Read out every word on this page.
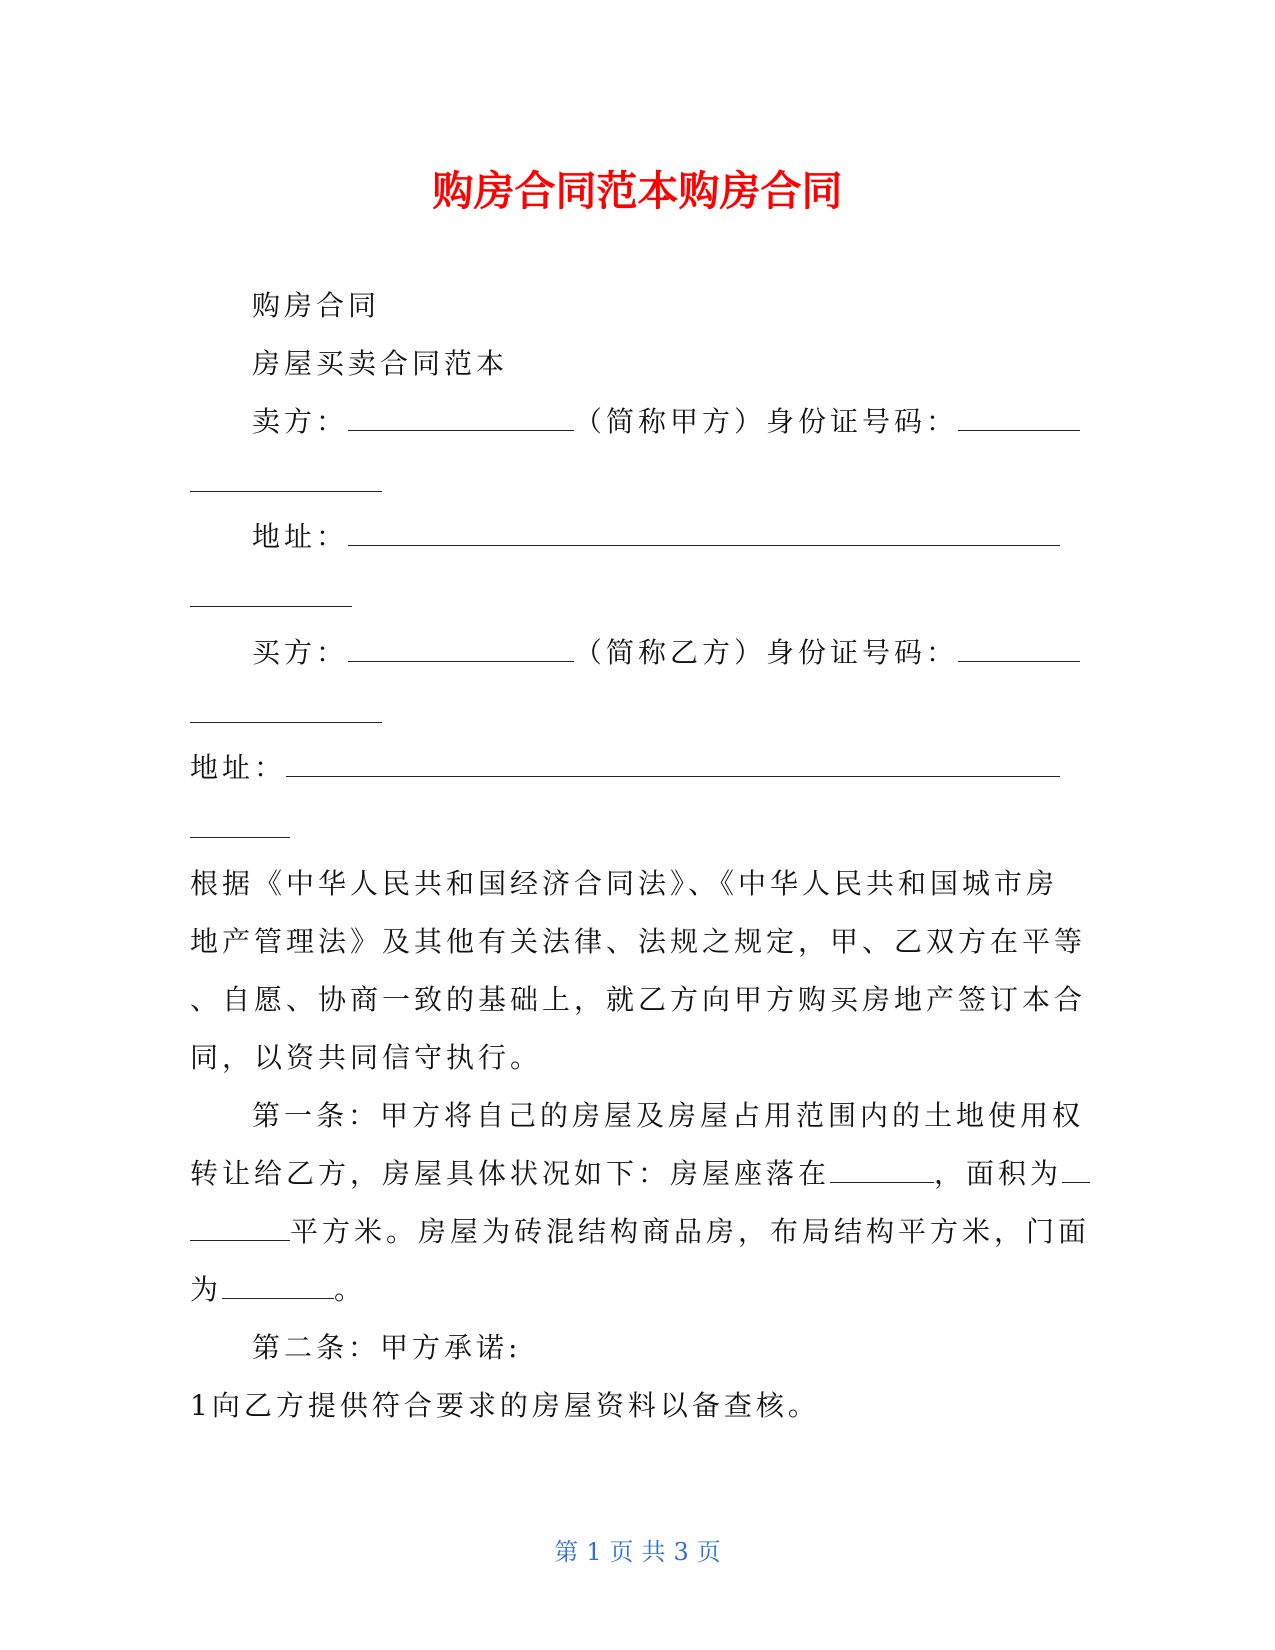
购房合同范本购房合同
购房合同
房屋买卖合同范本
卖方：	（简称甲方）身份证号码：
地址：
买方：	（简称乙方）身份证号码：
地址：
根据《中华人民共和国经济合同法》、《中华人民共和国城市房
地产管理法》及其他有关法律、法规之规定，甲、乙双方在平等
、自愿、协商一致的基础上，就乙方向甲方购买房地产签订本合
同，以资共同信守执行。
第一条：甲方将自己的房屋及房屋占用范围内的土地使用权
转让给乙方，房屋具体状况如下：房屋座落在	，面积为
平方米。房屋为砖混结构商品房，布局结构平方米，门面
为	。
第二条：甲方承诺:
1向乙方提供符合要求的房屋资料以备查核。
第 1 页 共 3 页
